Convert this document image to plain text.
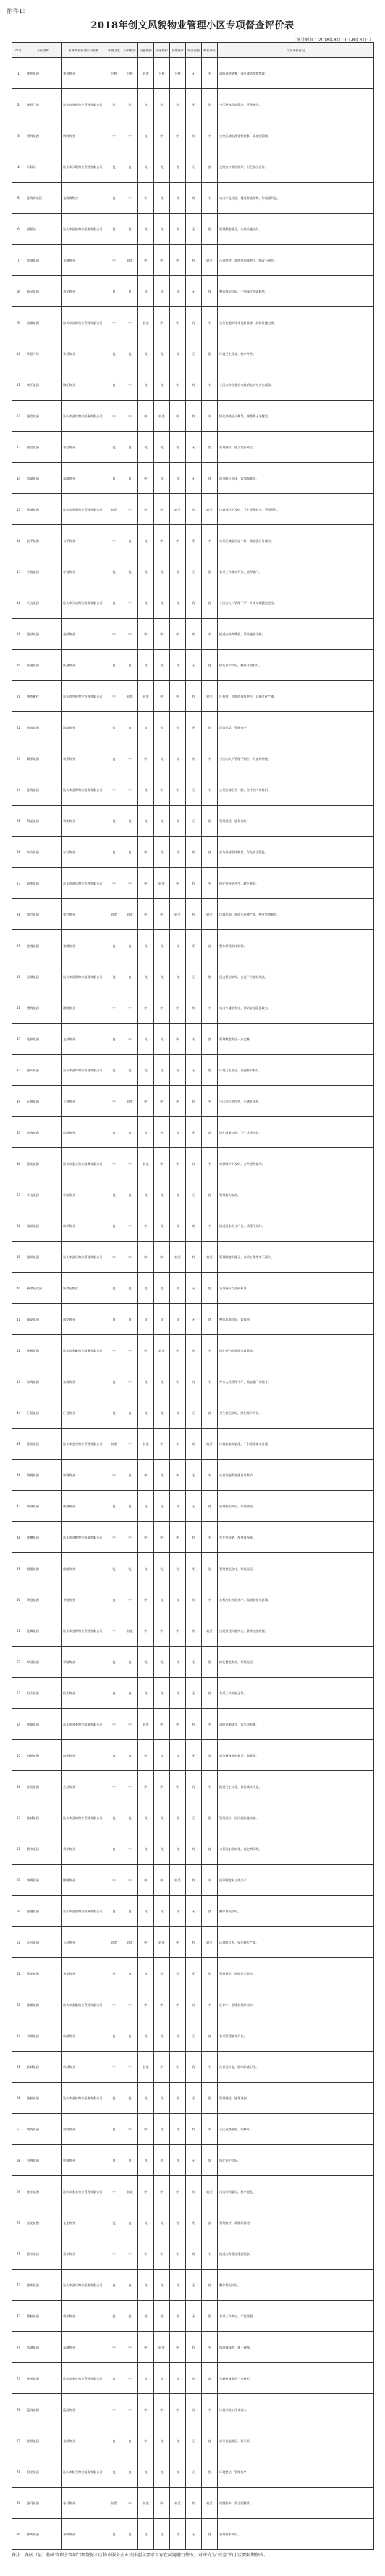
附件1：
2018年创文风貌物业管理小区专项督查评价表
（统计时间：2018年8月10日-8月31日）
序号	小区名称	所属物业管理公司名称	环境卫生	公共秩序	设施维护	绿化维护	管理规章	突出问题	物业评价	综合评价意见
1	华怡花园	华怡物业	合格	合格	较差	合格	合格	无	中	消防通道堵塞，部分楼道杂物堆放。
2	金碧广场	汕头市金碧物业管理有限公司	优	优	良	优	优	无	优	小区整体环境整洁，管理规范。
3	明辉花园	明辉物业	中	中	良	中	中	有	中	公共区域有乱张贴现象，需加强清理。
4	天顺园	汕头市天顺物业管理有限公司	优	良	良	优	优	无	良	文明宣传氛围浓厚，卫生状况良好。
5	金海湾花园	金海湾物业	良	中	中	良	良	有	中	电动车乱停放，楼道堆放杂物，垃圾桶外溢。
6	丽景园	汕头市丽景物业服务有限公司	优	优	优	良	优	无	优	管理制度健全，公共设施完好。
7	龙湖花园	龙湖物业	中	较差	中	中	中	有	较差	占道经营、乱搭建问题突出，整改不到位。
8	嘉宝花园	嘉宝物业	良	良	良	良	良	无	良	整体情况较好，个别绿化带需修剪。
9	汕樟花园	汕头市汕樟物业管理有限公司	中	中	较差	中	中	有	中	公共设施损坏未及时维修，消防设施过期。
10	华景广场	华景物业	优	优	良	优	良	无	优	环境卫生优良，秩序井然。
11	锦江花园	锦江物业	良	中	良	良	中	有	中	小区内存在私拉电线给电动车充电现象。
12	金信花园	汕头市金信物业服务有限公司	中	中	中	较差	中	有	中	绿化带被侵占种菜，裸露黄土未覆盖。
13	嘉信花园	嘉信物业	优	良	优	优	优	无	优	管理到位，创文宣传到位。
14	东厦花园	东厦物业	良	良	中	良	良	无	良	部分路灯损坏，需加强维护。
15	金湖花园	汕头市金湖物业管理有限公司	较差	中	中	中	较差	有	较差	垃圾清运不及时，卫生死角较多，管理混乱。
16	长平花园	长平物业	中	良	良	中	中	无	中	公共区域整洁度一般，需加强日常保洁。
17	中信花园	中信物业	优	优	优	优	优	无	优	各项工作落实到位，值得推广。
18	天山花园	汕头市天山物业服务有限公司	良	中	良	良	良	有	良	小区出入口管理不严，外来车辆随意进出。
19	金砂花园	金砂物业	中	中	中	中	中	有	中	楼道内杂物堆放，消防通道不畅。
20	跃进花园	跃进物业	良	良	良	优	良	无	良	绿化养护较好，整体环境良好。
21	华侨新村	汕头市华侨物业管理有限公司	中	较差	较差	中	中	有	较差	乱搭建、乱堆放现象突出，设施老化严重。
22	海滨花园	海滨物业	优	良	良	优	优	无	优	环境优美，管理有序。
23	新乐花园	新乐物业	良	中	中	良	良	有	中	小区内犬只管理不到位，有宠物粪便。
24	金海花园	汕头市金海物业服务有限公司	中	中	良	中	中	无	中	公共区域卫生一般，宣传栏内容陈旧。
25	利安花园	利安物业	优	优	良	良	优	无	优	管理规范，服务到位。
26	东方花园	东方物业	良	良	中	良	良	有	良	部分外墙瓷砖脱落，存在安全隐患。
27	嘉华花园	汕头市嘉华物业管理有限公司	中	中	中	较差	中	有	中	绿化带杂草丛生，缺乏养护。
28	荣兴花园	荣兴物业	较差	较差	中	中	较差	有	较差	垃圾乱倒，乱停车问题严重，物业管理缺位。
29	金园花园	金园物业	良	良	良	良	良	无	良	整体管理情况较好。
30	星湖花园	汕头市星湖物业服务有限公司	优	良	优	优	良	无	优	创文氛围浓厚，公益广告张贴规范。
31	澄海花园	澄海物业	中	中	中	中	中	有	中	电动车楼道充电，消防安全隐患较大。
32	龙泉花园	龙泉物业	良	中	良	良	中	无	良	管理制度需进一步完善。
33	金叶花园	汕头市金叶物业管理有限公司	优	优	优	良	优	无	优	环境卫生整洁，设施维护良好。
34	天悦花园	天悦物业	中	较差	中	中	中	有	中	小区内占道经营，车辆乱停放。
35	滨海花园	滨海物业	良	良	良	优	良	无	良	绿化效果较好，卫生状况良好。
36	金龙花园	汕头市金龙物业服务有限公司	中	中	较差	中	中	有	中	电梯维护不及时，公共照明损坏。
37	中山花园	中山物业	优	良	良	良	优	无	良	管理较为规范。
38	瑞祥花园	瑞祥物业	良	中	中	良	良	有	中	楼道乱张贴小广告，清理不及时。
39	金凤花园	汕头市金凤物业管理有限公司	中	中	中	中	较差	有	较差	管理制度不健全，各项工作落实不到位。
40	新世纪花园	新世纪物业	优	优	优	优	优	无	优	各项指标均达到标准。
41	福安花园	福安物业	良	良	良	良	良	无	良	整体环境较好，需保持。
42	金帆花园	汕头市金帆物业服务有限公司	中	中	中	较差	中	有	中	绿化带内有建筑垃圾堆放。
43	东海花园	东海物业	良	中	良	良	中	有	中	外来人员管理不严，需加强门岗值守。
44	汇景花园	汇景物业	优	良	良	优	良	无	良	卫生状况良好，绿化养护到位。
45	金苑花园	汕头市金苑物业管理有限公司	较差	中	较差	中	中	有	较差	垃圾收集点脏乱，下水道堵塞未处理。
46	海悦花园	海悦物业	中	良	中	良	中	无	中	公共设施需加强日常维护。
47	南湖花园	南湖物业	良	良	良	良	良	无	良	管理较为到位，环境整洁。
48	金穗花园	汕头市金穗物业服务有限公司	中	中	中	中	中	有	中	存在乱晾晒、乱堆放现象。
49	丽晶花园	丽晶物业	优	优	良	优	优	无	优	管理规范有序，环境优美。
50	华庭花园	华庭物业	良	中	中	良	良	有	中	非机动车停放无序，需规划停车区域。
51	金狮花园	汕头市金狮物业管理有限公司	中	较差	中	中	中	有	较差	违规搭建问题突出，整改进度缓慢。
52	翠园花园	翠园物业	优	良	优	优	良	无	优	绿化覆盖率高，环境宜居。
53	恒大花园	恒大物业	良	良	良	良	良	无	良	各项工作开展正常。
54	金泰花园	汕头市金泰物业服务有限公司	中	中	较差	中	中	有	中	消防设施缺失，需尽快配备。
55	海景花园	海景物业	良	良	中	良	良	无	良	部分健身器材损坏，需维修。
56	宏发花园	宏发物业	中	中	中	中	中	有	中	楼道卫生较差，保洁频次不足。
57	金城花园	汕头市金城物业管理有限公司	优	优	良	良	优	无	优	管理到位，居民满意度较高。
58	碧水花园	碧水物业	良	中	良	优	良	有	良	水景池水质较差，需定期清理。
59	锦绣花园	锦绣物业	中	中	中	中	较差	有	中	规章制度未上墙公示。
60	金港花园	汕头市金港物业服务有限公司	良	良	良	良	良	无	良	整体情况良好。
61	天河花园	天河物业	较差	较差	中	较差	中	有	较差	环境脏乱差，绿化缺失严重。
62	华美花园	华美物业	优	良	良	优	优	无	优	管理规范，环境优美整洁。
63	金鹏花园	汕头市金鹏物业管理有限公司	中	中	中	中	中	有	中	乱停车、乱堆放现象较多。
64	凤凰花园	凤凰物业	良	良	良	良	良	无	良	各项管理基本到位。
65	新城花园	新城物业	中	中	较差	中	中	有	中	化粪池外溢，影响环境卫生。
66	金桂花园	汕头市金桂物业服务有限公司	优	优	优	良	优	无	优	管理规范，服务周到。
67	海韵花园	海韵物业	良	中	中	良	良	有	中	小区道路破损，需修补。
68	中海花园	中海物业	良	良	良	优	良	无	良	绿化养护较好。
69	金丰花园	汕头市金丰物业管理有限公司	中	较差	中	中	中	有	较差	门岗形同虚设，秩序混乱。
70	宝龙花园	宝龙物业	优	良	良	良	优	无	良	管理较好，需继续保持。
71	嘉禾花园	嘉禾物业	中	中	中	中	中	有	中	楼道内有乱涂乱画现象。
72	金华花园	汕头市金华物业服务有限公司	良	良	良	良	良	无	良	整体情况较好。
73	碧桂花园	碧桂物业	优	优	优	优	优	无	优	各项工作突出，示范性强。
74	东湖花园	东湖物业	中	中	中	较差	中	有	中	绿地被踩踏，黄土裸露。
75	金茂花园	汕头市金茂物业管理有限公司	良	中	良	良	良	有	良	车辆停放需进一步规范。
76	蓝湾花园	蓝湾物业	中	中	中	中	中	有	中	垃圾分类工作未落实。
77	金源花园	金源物业	良	良	中	良	良	无	良	部分设施陈旧，需更新。
78	阳光花园	汕头市阳光物业服务有限公司	优	良	良	优	良	无	优	环境整洁，管理有序。
79	金马花园	金马物业	较差	中	较差	中	较差	有	较差	问题较多，需全面整改。
80	春晖花园	春晖物业	良	良	良	良	良	无	良	管理基本到位。
备注：各区（县）物业管理主管部门要督促小区物业服务企业按照创文要求对存在问题进行整改，对评价为“较差”的小区要限期整改。
